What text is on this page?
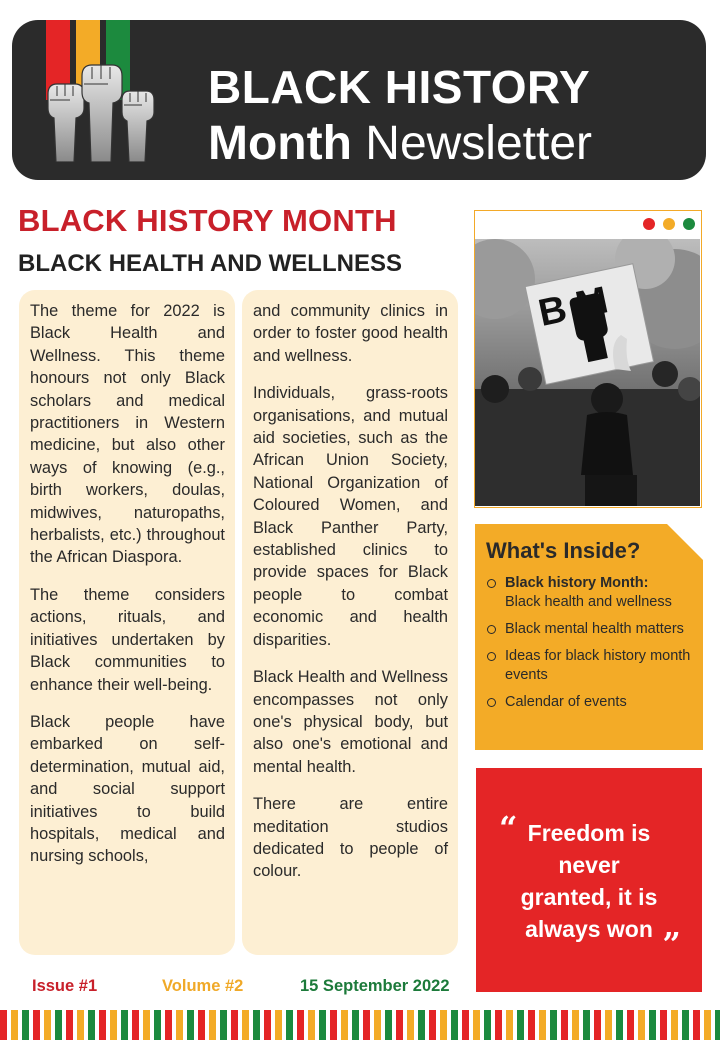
BLACK HISTORY
Month Newsletter
BLACK HISTORY MONTH
BLACK HEALTH AND WELLNESS

The theme for 2022 is Black Health and Wellness. This theme honours not only Black scholars and medical practitioners in Western medicine, but also other ways of knowing (e.g., birth workers, doulas, midwives, naturopaths, herbalists, etc.) throughout the African Diaspora.

The theme considers actions, rituals, and initiatives undertaken by Black communities to enhance their well-being.

Black people have embarked on self-determination, mutual aid, and social support initiatives to build hospitals, medical and nursing schools,

and community clinics in order to foster good health and wellness.

Individuals, grass-roots organisations, and mutual aid societies, such as the African Union Society, National Organization of Coloured Women, and Black Panther Party, established clinics to provide spaces for Black people to combat economic and health disparities.

Black Health and Wellness encompasses not only one's physical body, but also one's emotional and mental health.

There are entire meditation studios dedicated to people of colour.

B
What's Inside?
Black history Month:
Black health and wellness
Black mental health matters
Ideas for black history month events
Calendar of events
“ Freedom is
never
granted, it is
always won „
Issue #1	Volume #2	15 September 2022
